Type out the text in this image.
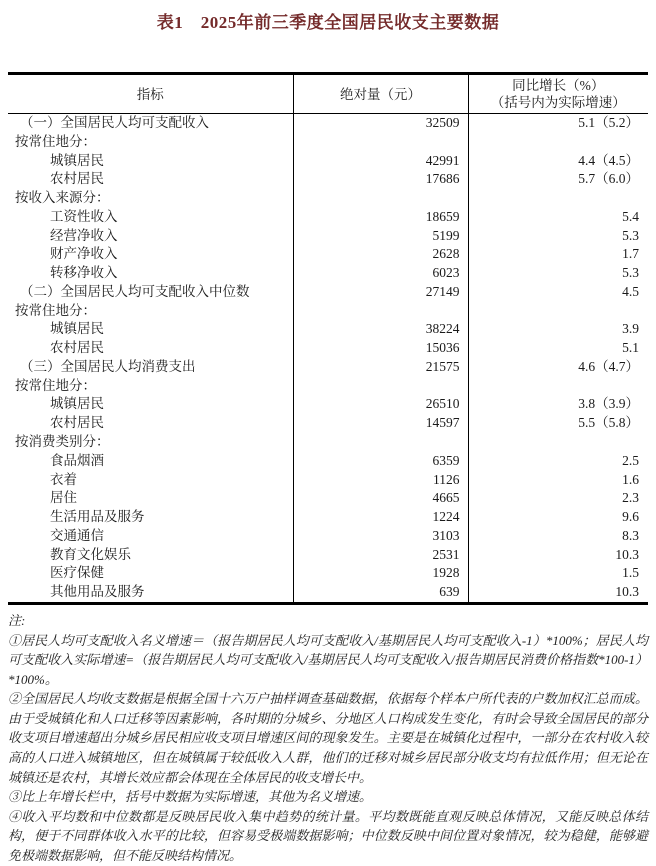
表1　2025年前三季度全国居民收支主要数据
指标	绝对量（元）	同比增长（%）
（括号内为实际增速）

（一）全国居民人均可支配收入	32509	5.1（5.2）
按常住地分：		
城镇居民	42991	4.4（4.5）
农村居民	17686	5.7（6.0）
按收入来源分：		
工资性收入	18659	5.4
经营净收入	5199	5.3
财产净收入	2628	1.7
转移净收入	6023	5.3
（二）全国居民人均可支配收入中位数	27149	4.5
按常住地分：		
城镇居民	38224	3.9
农村居民	15036	5.1
（三）全国居民人均消费支出	21575	4.6（4.7）
按常住地分：		
城镇居民	26510	3.8（3.9）
农村居民	14597	5.5（5.8）
按消费类别分：		
食品烟酒	6359	2.5
衣着	1126	1.6
居住	4665	2.3
生活用品及服务	1224	9.6
交通通信	3103	8.3
教育文化娱乐	2531	10.3
医疗保健	1928	1.5
其他用品及服务	639	10.3
注:
①居民人均可支配收入名义增速＝（报告期居民人均可支配收入/基期居民人均可支配收入-1）*100%；居民人均可支配收入实际增速=（报告期居民人均可支配收入/基期居民人均可支配收入/报告期居民消费价格指数*100-1）*100%。
②全国居民人均收支数据是根据全国十六万户抽样调查基础数据，依据每个样本户所代表的户数加权汇总而成。由于受城镇化和人口迁移等因素影响，各时期的分城乡、分地区人口构成发生变化，有时会导致全国居民的部分收支项目增速超出分城乡居民相应收支项目增速区间的现象发生。主要是在城镇化过程中，一部分在农村收入较高的人口进入城镇地区，但在城镇属于较低收入人群，他们的迁移对城乡居民部分收支均有拉低作用；但无论在城镇还是农村，其增长效应都会体现在全体居民的收支增长中。
③比上年增长栏中，括号中数据为实际增速，其他为名义增速。
④收入平均数和中位数都是反映居民收入集中趋势的统计量。平均数既能直观反映总体情况，又能反映总体结构，便于不同群体收入水平的比较，但容易受极端数据影响；中位数反映中间位置对象情况，较为稳健，能够避免极端数据影响，但不能反映结构情况。
